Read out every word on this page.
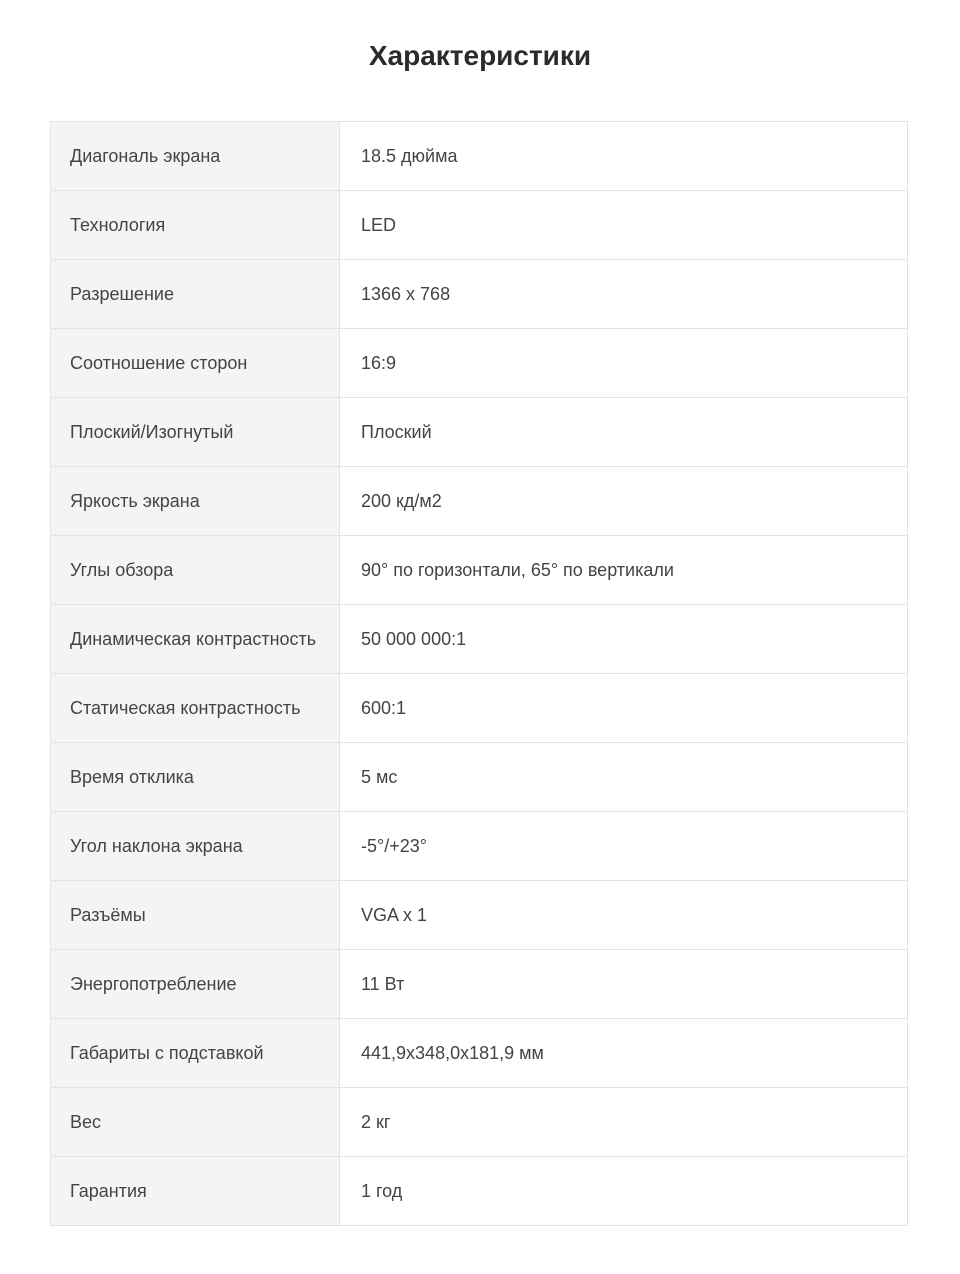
Характеристики
Диагональ экрана	18.5 дюйма
Технология	LED
Разрешение	1366 x 768
Соотношение сторон	16:9
Плоский/Изогнутый	Плоский
Яркость экрана	200 кд/м2
Углы обзора	90° по горизонтали, 65° по вертикали
Динамическая контрастность	50 000 000:1
Статическая контрастность	600:1
Время отклика	5 мс
Угол наклона экрана	-5°/+23°
Разъёмы	VGA x 1
Энергопотребление	11 Вт
Габариты с подставкой	441,9x348,0x181,9 мм
Вес	2 кг
Гарантия	1 год
